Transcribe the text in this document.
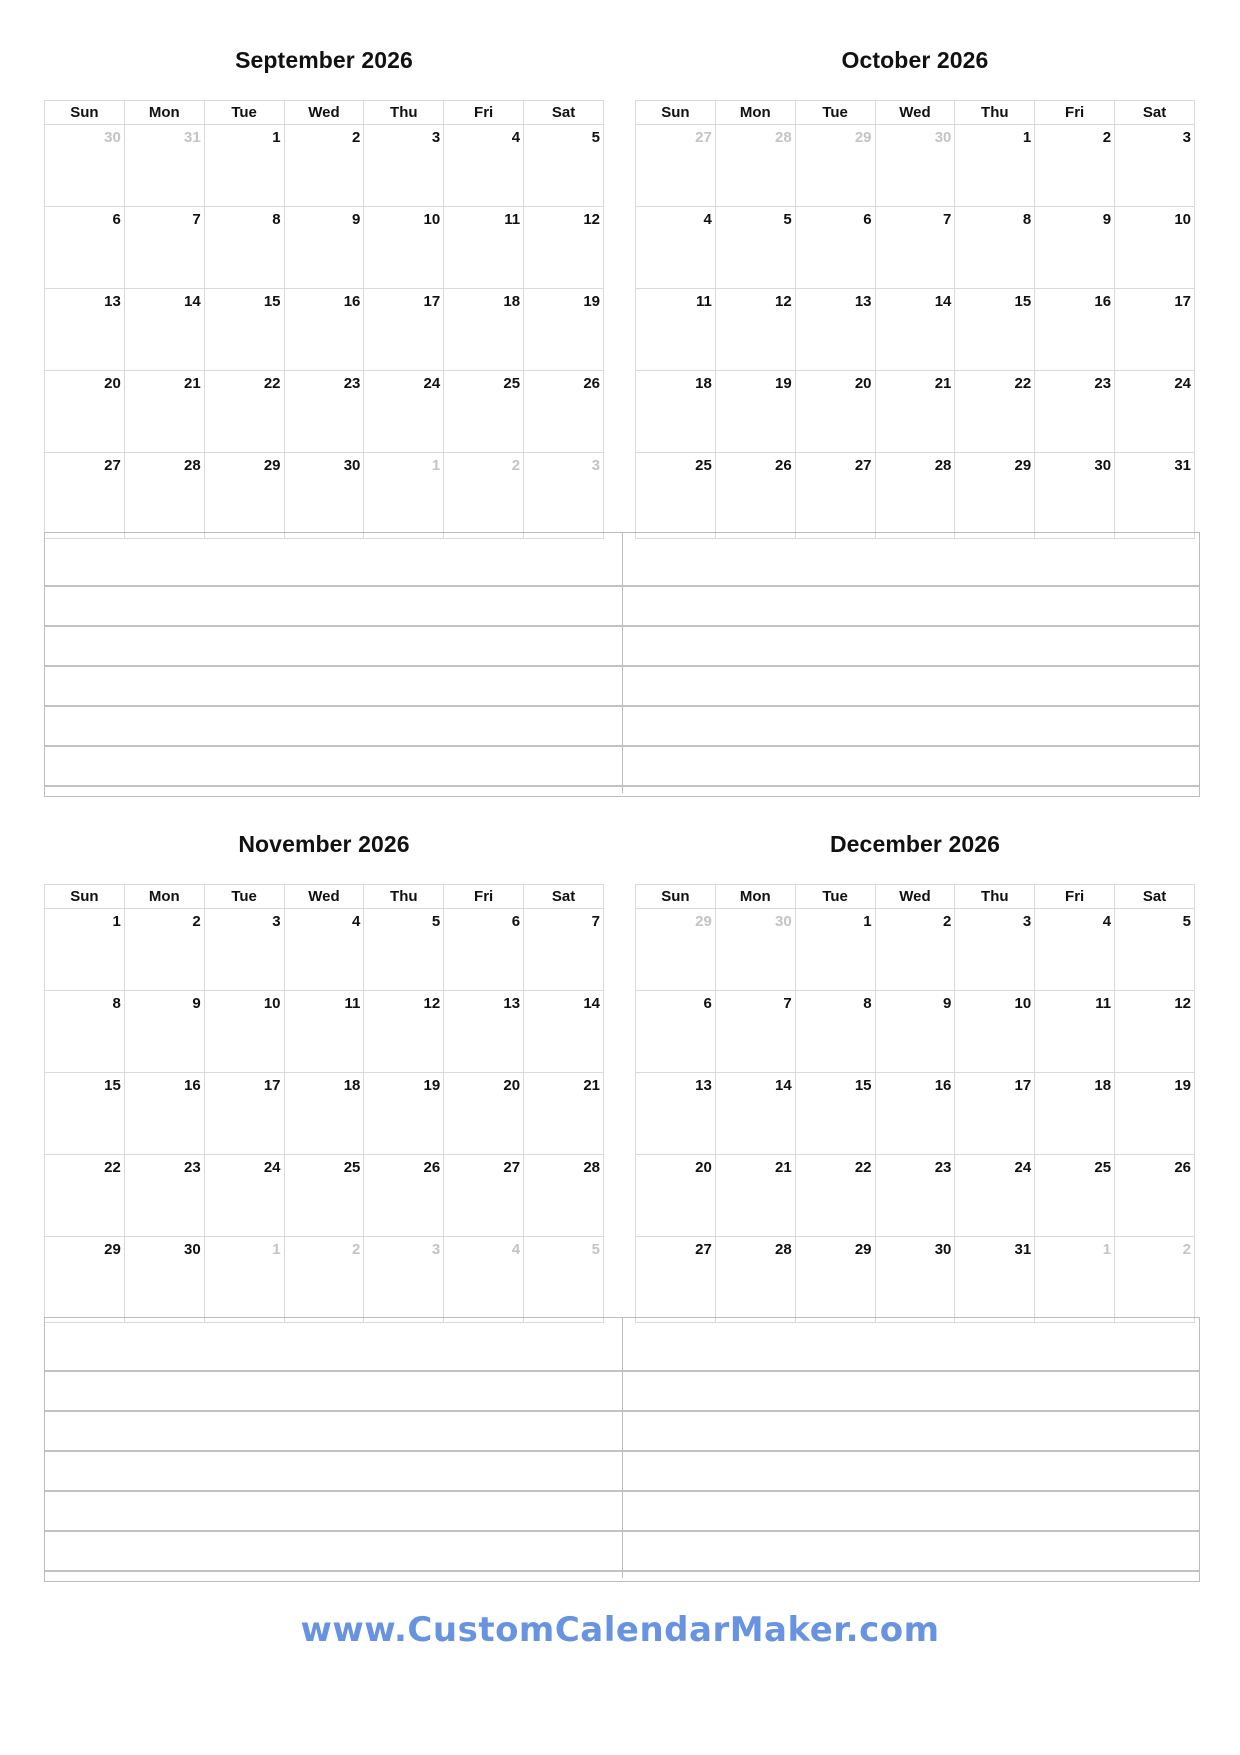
September 2026
Sun	Mon	Tue	Wed	Thu	Fri	Sat
30	31	1	2	3	4	5
6	7	8	9	10	11	12
13	14	15	16	17	18	19
20	21	22	23	24	25	26
27	28	29	30	1	2	3
October 2026
Sun	Mon	Tue	Wed	Thu	Fri	Sat
27	28	29	30	1	2	3
4	5	6	7	8	9	10
11	12	13	14	15	16	17
18	19	20	21	22	23	24
25	26	27	28	29	30	31
November 2026
Sun	Mon	Tue	Wed	Thu	Fri	Sat
1	2	3	4	5	6	7
8	9	10	11	12	13	14
15	16	17	18	19	20	21
22	23	24	25	26	27	28
29	30	1	2	3	4	5
December 2026
Sun	Mon	Tue	Wed	Thu	Fri	Sat
29	30	1	2	3	4	5
6	7	8	9	10	11	12
13	14	15	16	17	18	19
20	21	22	23	24	25	26
27	28	29	30	31	1	2
www.CustomCalendarMaker.com
